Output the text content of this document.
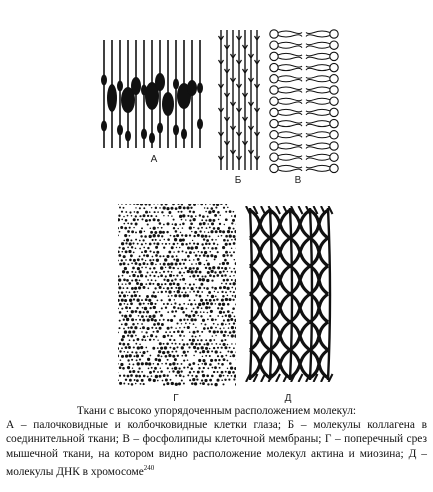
А
Б	В
Г	Д

Ткани с высоко упорядоченным расположением молекул:

А – палочковидные и колбочковидные клетки глаза; Б – молекулы коллагена в соединительной ткани; В – фосфолипиды клеточной мембраны; Г – поперечный срез мышечной ткани, на котором видно расположение молекул актина и миозина; Д – молекулы ДНК в хромосоме$^{240}$
